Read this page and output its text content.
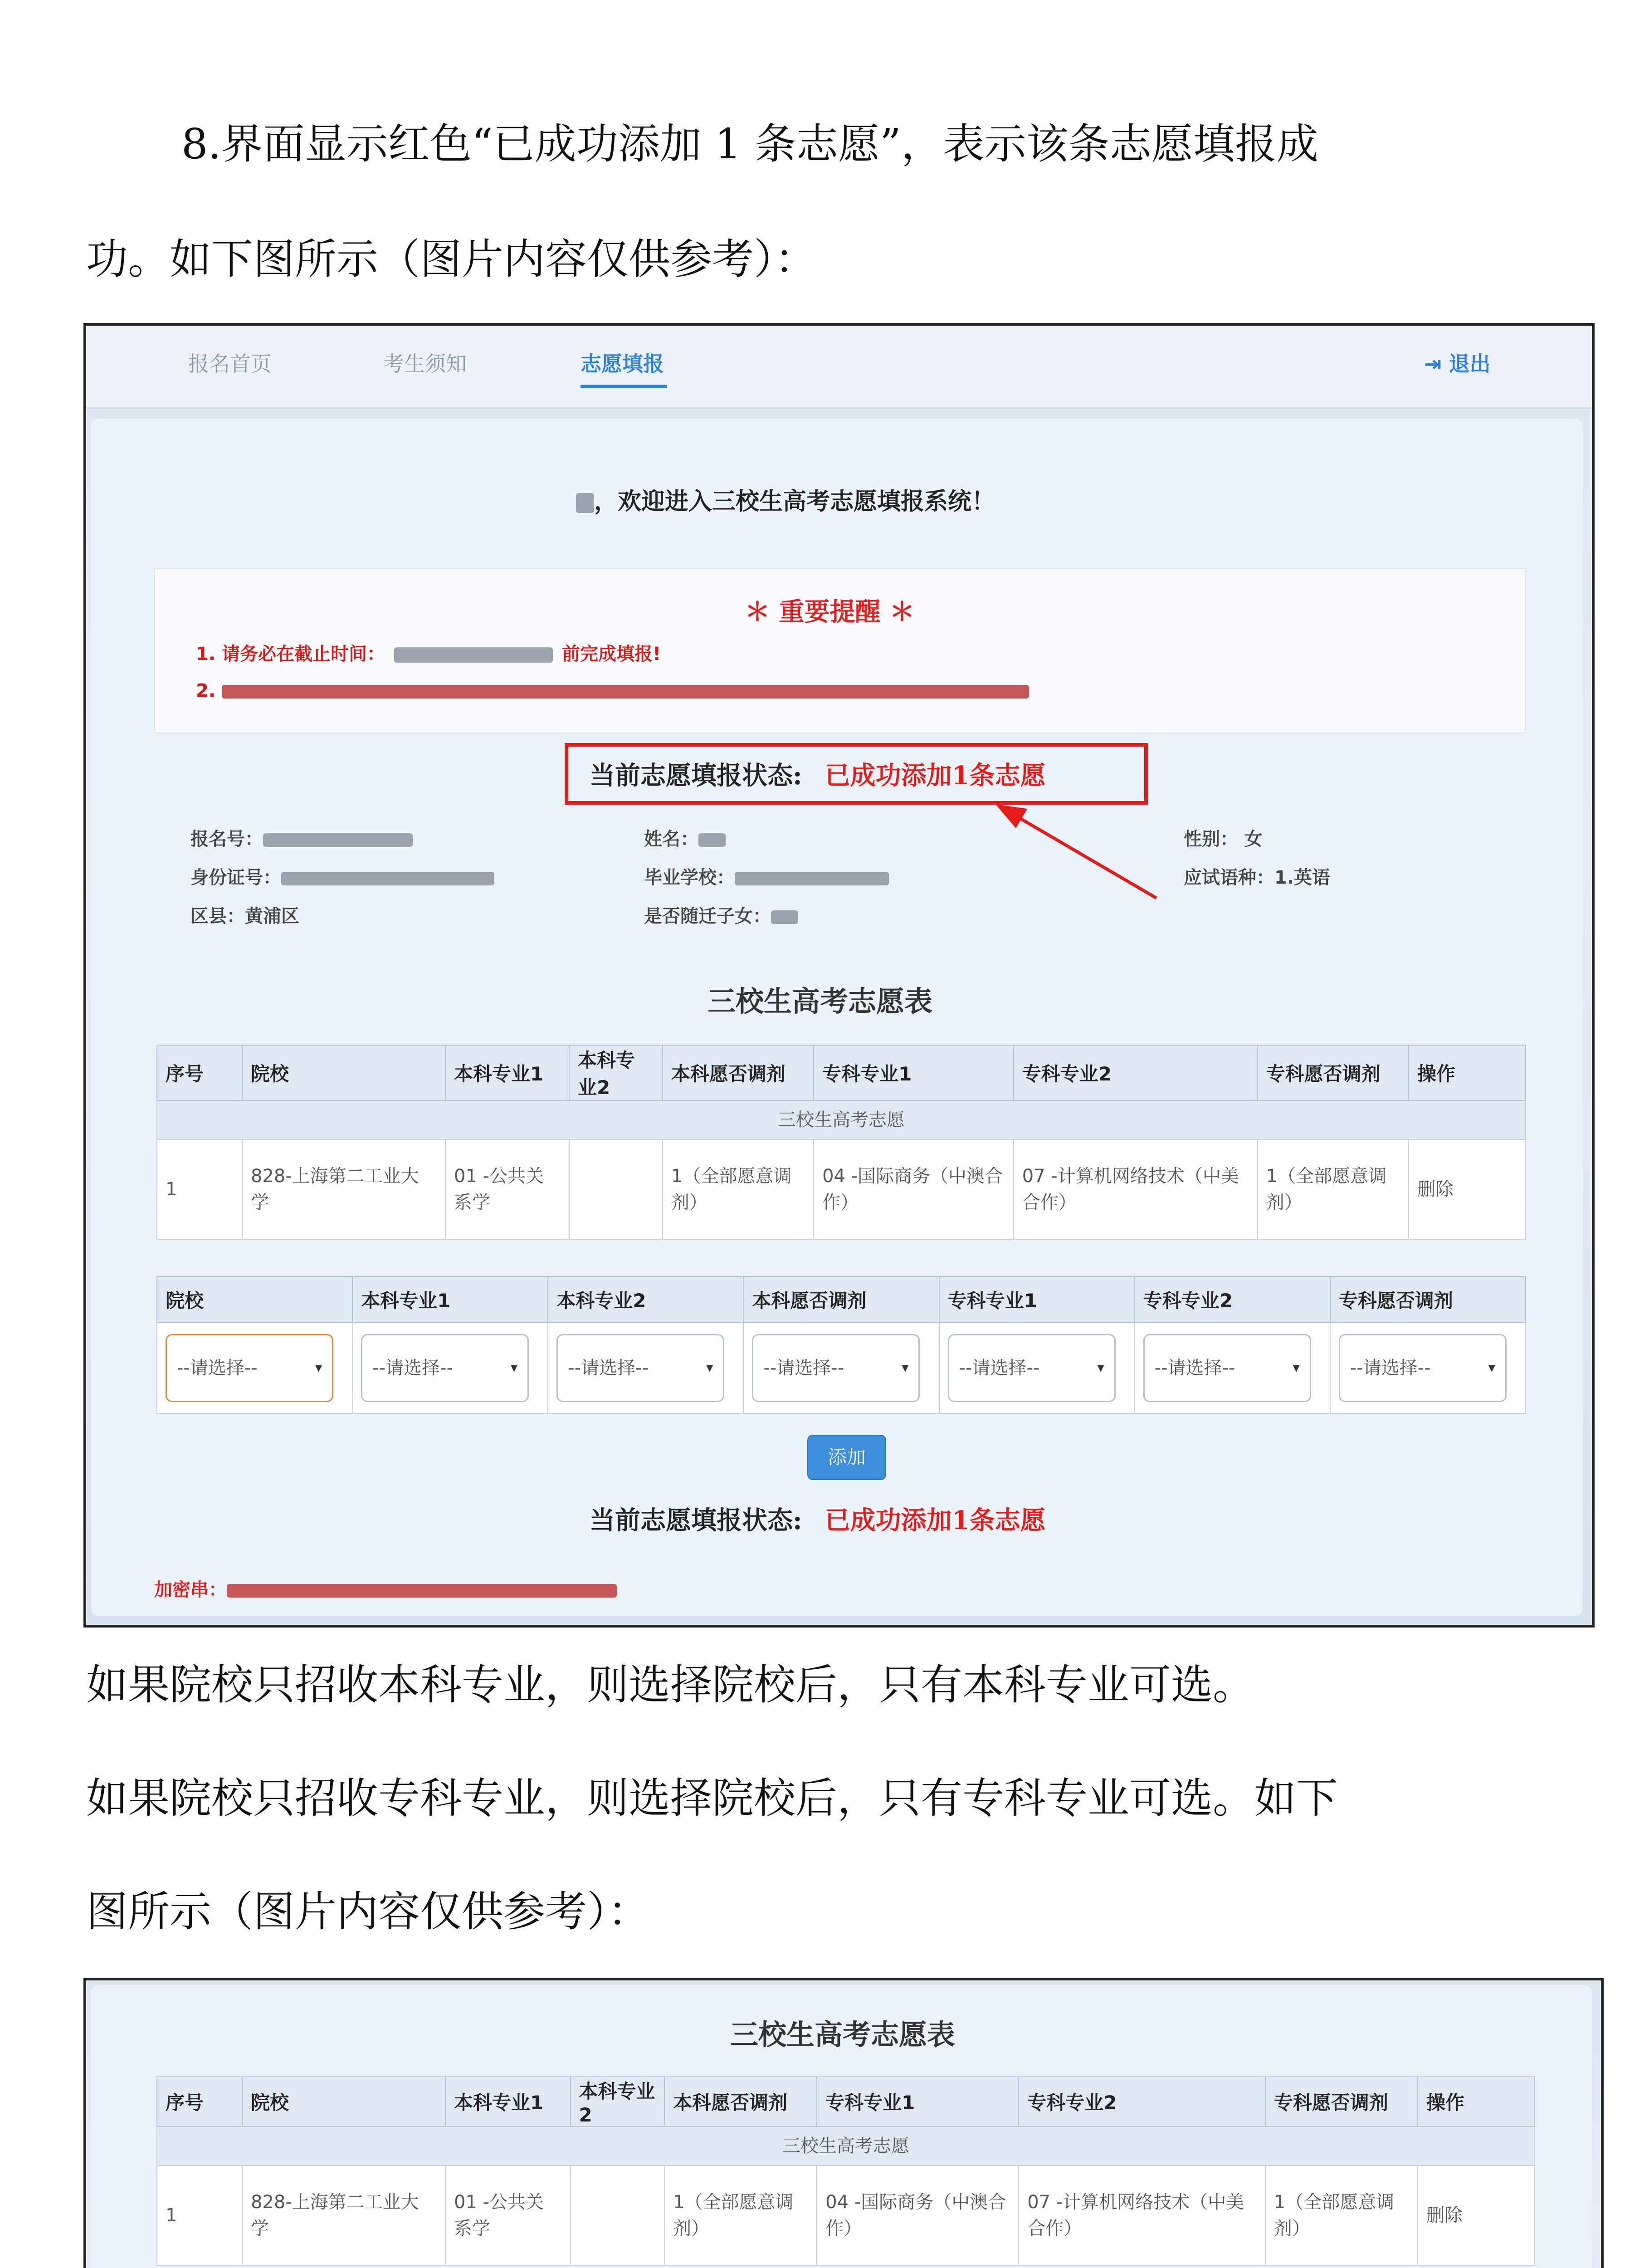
8.界面显示红色“已成功添加 1 条志愿”，表示该条志愿填报成
功。如下图所示（图片内容仅供参考）：
报名首页	考生须知	志愿填报	⇥ 退出
，欢迎进入三校生高考志愿填报系统！
＊ 重要提醒 ＊
1. 请务必在截止时间：	前完成填报!
2.
当前志愿填报状态: 已成功添加1条志愿
报名号：
身份证号：
区县：黄浦区
姓名：
毕业学校：
是否随迁子女：
性别： 女
应试语种：1.英语
三校生高考志愿表
序号	院校	本科专业1	本科专业2	本科愿否调剂	专科专业1	专科专业2	专科愿否调剂	操作
三校生高考志愿								
1	828-上海第二工业大学	01 -公共关系学		1（全部愿意调剂）	04 -国际商务（中澳合作）	07 -计算机网络技术（中美合作）	1（全部愿意调剂）	删除
院校	本科专业1	本科专业2	本科愿否调剂	专科专业1	专科专业2	专科愿否调剂
--请选择-- ▾	--请选择-- ▾	--请选择-- ▾	--请选择-- ▾	--请选择-- ▾	--请选择-- ▾	--请选择-- ▾
添加
当前志愿填报状态: 已成功添加1条志愿
加密串：
如果院校只招收本科专业，则选择院校后，只有本科专业可选。
如果院校只招收专科专业，则选择院校后，只有专科专业可选。如下
图所示（图片内容仅供参考）：
三校生高考志愿表
序号	院校	本科专业1	本科专业2	本科愿否调剂	专科专业1	专科专业2	专科愿否调剂	操作
三校生高考志愿								
1	828-上海第二工业大学	01 -公共关系学		1（全部愿意调剂）	04 -国际商务（中澳合作）	07 -计算机网络技术（中美合作）	1（全部愿意调剂）	删除
